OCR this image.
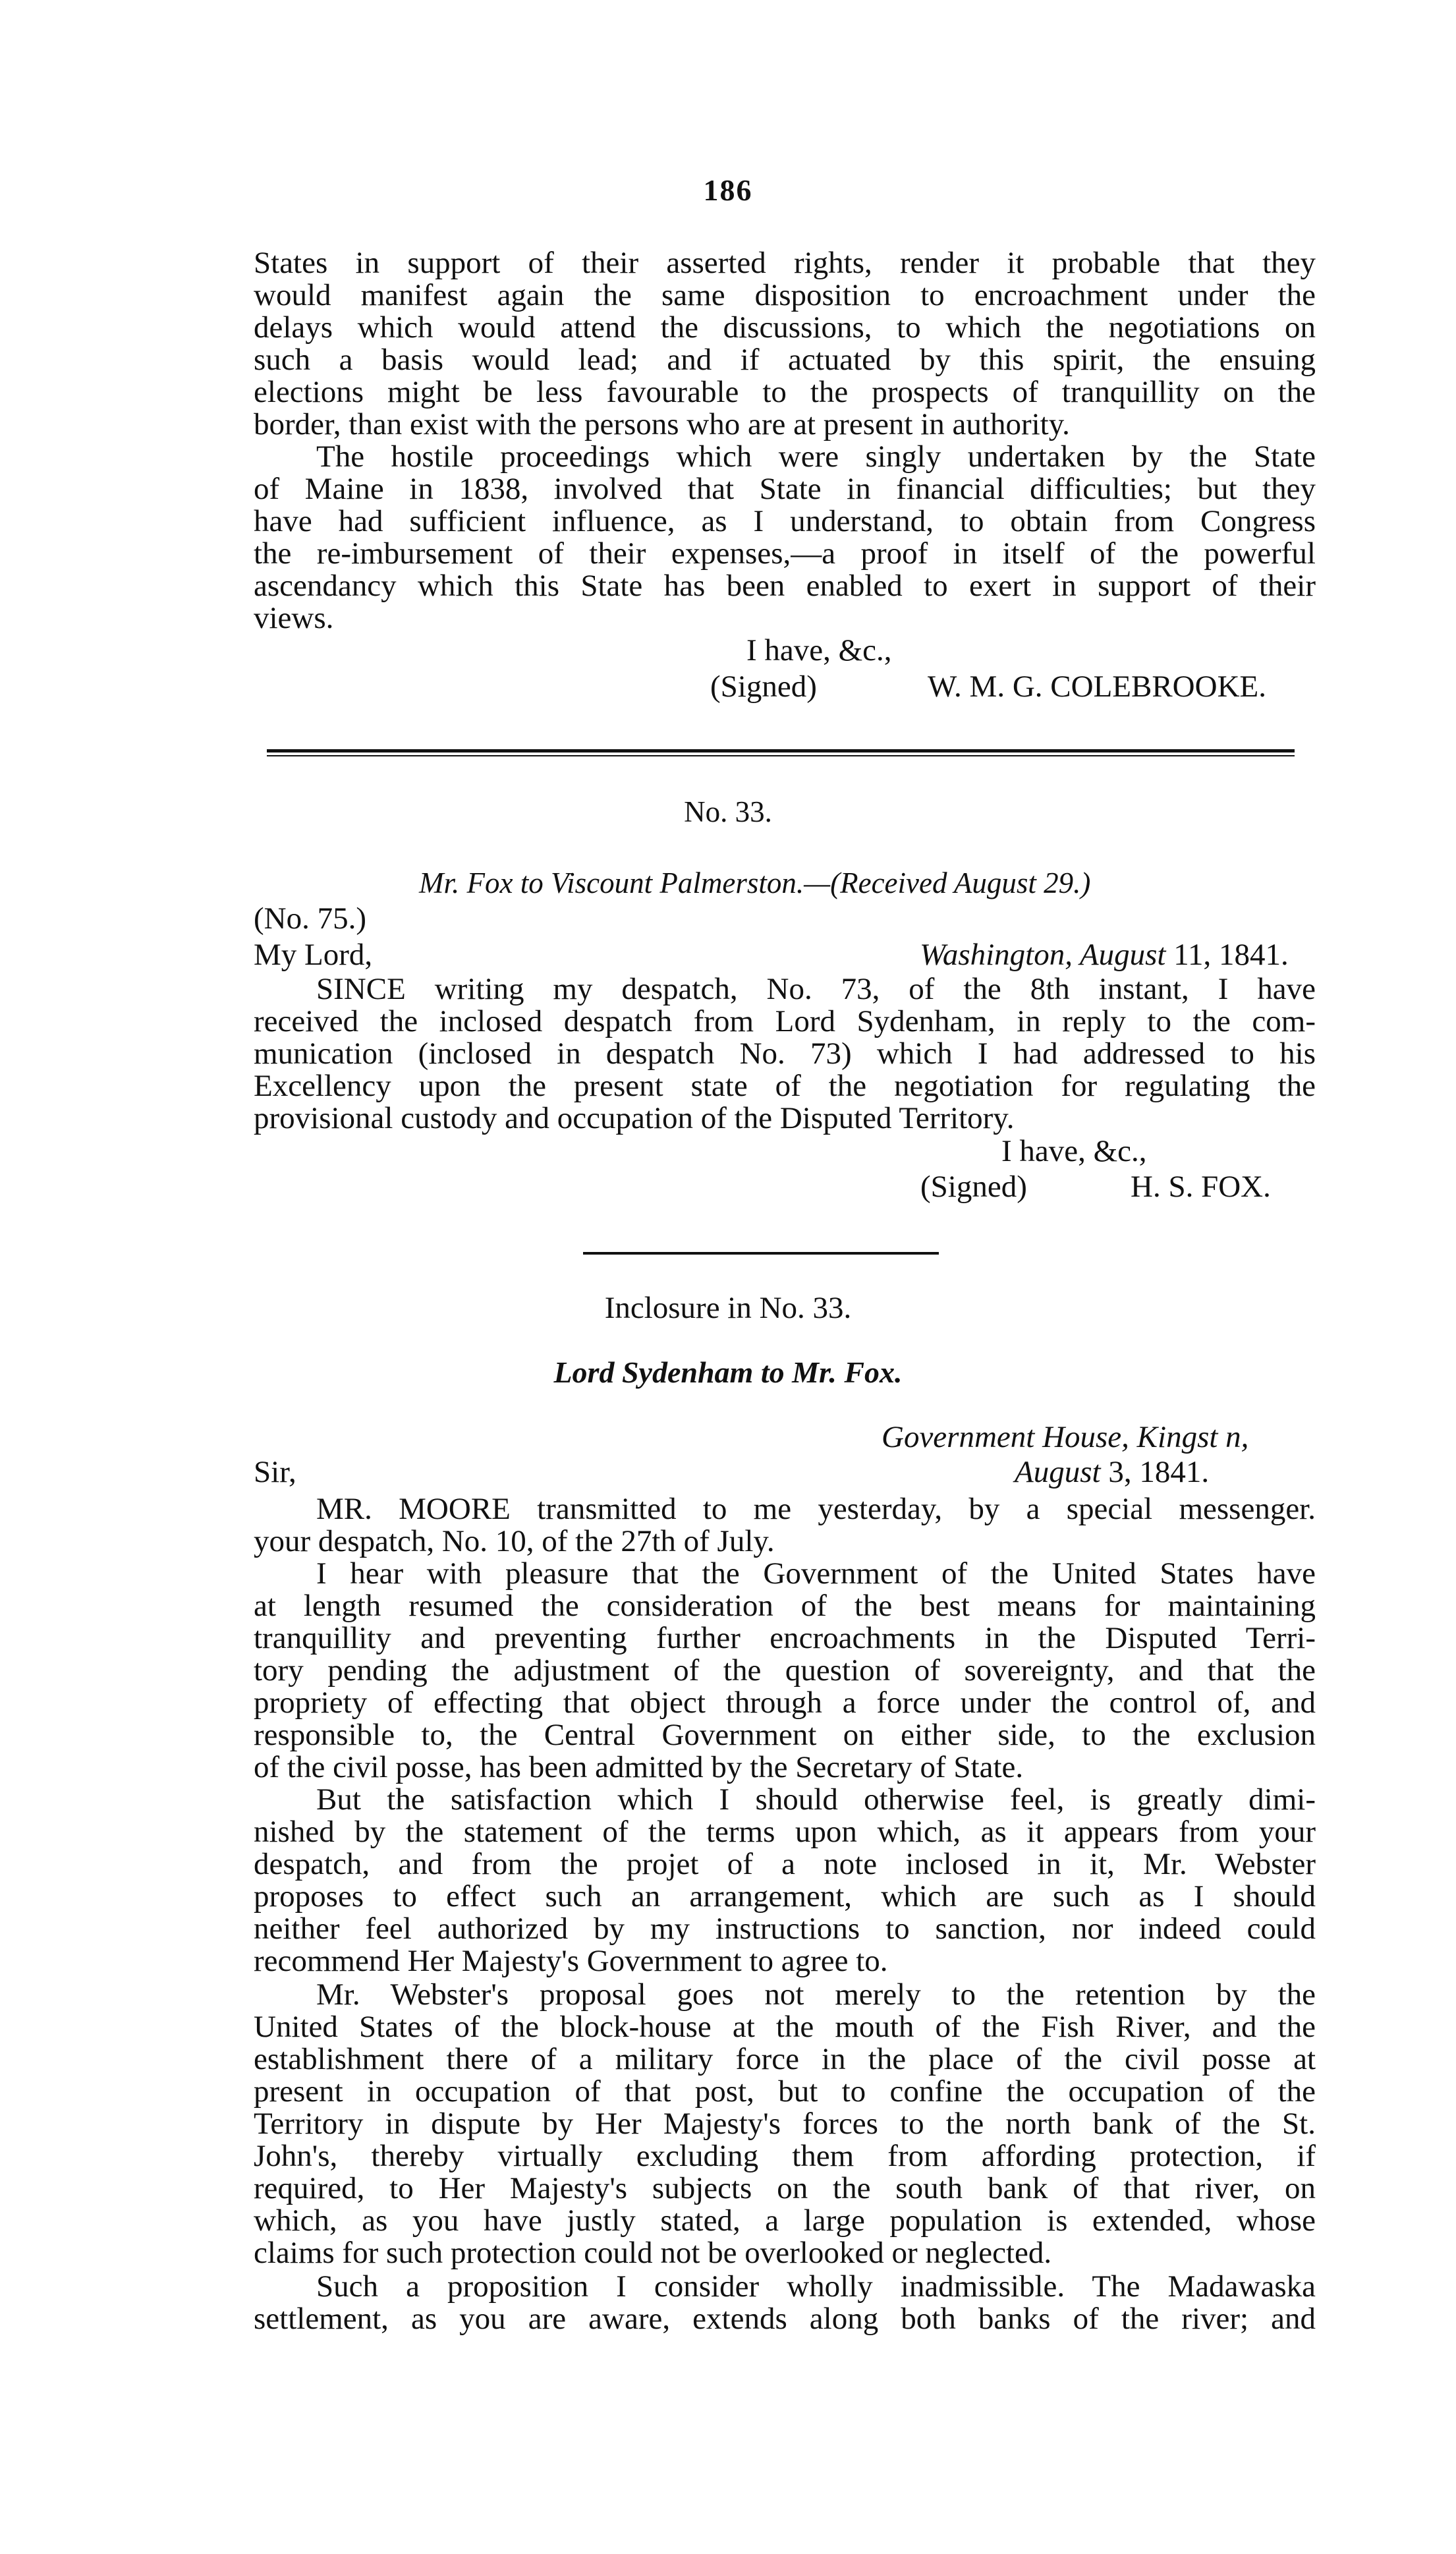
186
States in support of their asserted rights, render it probable that they
would manifest again the same disposition to encroachment under the
delays which would attend the discussions, to which the negotiations on
such a basis would lead; and if actuated by this spirit, the ensuing
elections might be less favourable to the prospects of tranquillity on the
border, than exist with the persons who are at present in authority.
The hostile proceedings which were singly undertaken by the State
of Maine in 1838, involved that State in financial difficulties; but they
have had sufficient influence, as I understand, to obtain from Congress
the re-imbursement of their expenses,—a proof in itself of the powerful
ascendancy which this State has been enabled to exert in support of their
views.
I have, &c.,
(Signed)	W. M. G. COLEBROOKE.
No. 33.
Mr. Fox to Viscount Palmerston.—(Received August 29.)
(No. 75.)
My Lord,	Washington, August 11, 1841.
SINCE writing my despatch, No. 73, of the 8th instant, I have
received the inclosed despatch from Lord Sydenham, in reply to the com-
munication (inclosed in despatch No. 73) which I had addressed to his
Excellency upon the present state of the negotiation for regulating the
provisional custody and occupation of the Disputed Territory.
I have, &c.,
(Signed)	H. S. FOX.
Inclosure in No. 33.
Lord Sydenham to Mr. Fox.
Government House, Kingst n,
Sir,	August 3, 1841.
MR. MOORE transmitted to me yesterday, by a special messenger.
your despatch, No. 10, of the 27th of July.
I hear with pleasure that the Government of the United States have
at length resumed the consideration of the best means for maintaining
tranquillity and preventing further encroachments in the Disputed Terri-
tory pending the adjustment of the question of sovereignty, and that the
propriety of effecting that object through a force under the control of, and
responsible to, the Central Government on either side, to the exclusion
of the civil posse, has been admitted by the Secretary of State.
But the satisfaction which I should otherwise feel, is greatly dimi-
nished by the statement of the terms upon which, as it appears from your
despatch, and from the projet of a note inclosed in it, Mr. Webster
proposes to effect such an arrangement, which are such as I should
neither feel authorized by my instructions to sanction, nor indeed could
recommend Her Majesty's Government to agree to.
Mr. Webster's proposal goes not merely to the retention by the
United States of the block-house at the mouth of the Fish River, and the
establishment there of a military force in the place of the civil posse at
present in occupation of that post, but to confine the occupation of the
Territory in dispute by Her Majesty's forces to the north bank of the St.
John's, thereby virtually excluding them from affording protection, if
required, to Her Majesty's subjects on the south bank of that river, on
which, as you have justly stated, a large population is extended, whose
claims for such protection could not be overlooked or neglected.
Such a proposition I consider wholly inadmissible. The Madawaska
settlement, as you are aware, extends along both banks of the river; and
